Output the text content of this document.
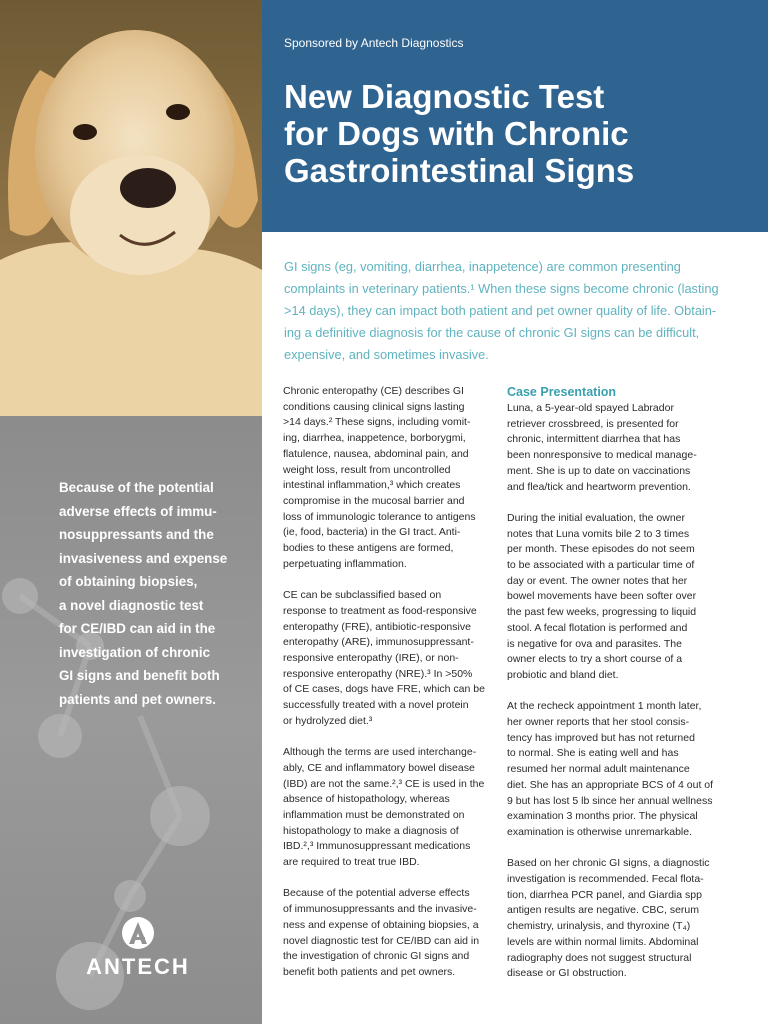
Because of the potential
adverse effects of immu-
nosuppressants and the
invasiveness and expense
of obtaining biopsies,
a novel diagnostic test
for CE/IBD can aid in the
investigation of chronic
GI signs and benefit both
patients and pet owners.

ANTECH

Sponsored by Antech Diagnostics

New Diagnostic Test
for Dogs with Chronic
Gastrointestinal Signs

GI signs (eg, vomiting, diarrhea, inappetence) are common presenting
complaints in veterinary patients.¹ When these signs become chronic (lasting
>14 days), they can impact both patient and pet owner quality of life. Obtain-
ing a definitive diagnosis for the cause of chronic GI signs can be difficult,
expensive, and sometimes invasive.

Chronic enteropathy (CE) describes GI
conditions causing clinical signs lasting
>14 days.² These signs, including vomit-
ing, diarrhea, inappetence, borborygmi,
flatulence, nausea, abdominal pain, and
weight loss, result from uncontrolled
intestinal inflammation,³ which creates
compromise in the mucosal barrier and
loss of immunologic tolerance to antigens
(ie, food, bacteria) in the GI tract. Anti-
bodies to these antigens are formed,
perpetuating inflammation.

CE can be subclassified based on
response to treatment as food-responsive
enteropathy (FRE), antibiotic-responsive
enteropathy (ARE), immunosuppressant-
responsive enteropathy (IRE), or non-
responsive enteropathy (NRE).³ In >50%
of CE cases, dogs have FRE, which can be
successfully treated with a novel protein
or hydrolyzed diet.³

Although the terms are used interchange-
ably, CE and inflammatory bowel disease
(IBD) are not the same.²,³ CE is used in the
absence of histopathology, whereas
inflammation must be demonstrated on
histopathology to make a diagnosis of
IBD.²,³ Immunosuppressant medications
are required to treat true IBD.

Because of the potential adverse effects
of immunosuppressants and the invasive-
ness and expense of obtaining biopsies, a
novel diagnostic test for CE/IBD can aid in
the investigation of chronic GI signs and
benefit both patients and pet owners.

Case Presentation

Luna, a 5-year-old spayed Labrador
retriever crossbreed, is presented for
chronic, intermittent diarrhea that has
been nonresponsive to medical manage-
ment. She is up to date on vaccinations
and flea/tick and heartworm prevention.

During the initial evaluation, the owner
notes that Luna vomits bile 2 to 3 times
per month. These episodes do not seem
to be associated with a particular time of
day or event. The owner notes that her
bowel movements have been softer over
the past few weeks, progressing to liquid
stool. A fecal flotation is performed and
is negative for ova and parasites. The
owner elects to try a short course of a
probiotic and bland diet.

At the recheck appointment 1 month later,
her owner reports that her stool consis-
tency has improved but has not returned
to normal. She is eating well and has
resumed her normal adult maintenance
diet. She has an appropriate BCS of 4 out of
9 but has lost 5 lb since her annual wellness
examination 3 months prior. The physical
examination is otherwise unremarkable.

Based on her chronic GI signs, a diagnostic
investigation is recommended. Fecal flota-
tion, diarrhea PCR panel, and Giardia spp
antigen results are negative. CBC, serum
chemistry, urinalysis, and thyroxine (T₄)
levels are within normal limits. Abdominal
radiography does not suggest structural
disease or GI obstruction.
